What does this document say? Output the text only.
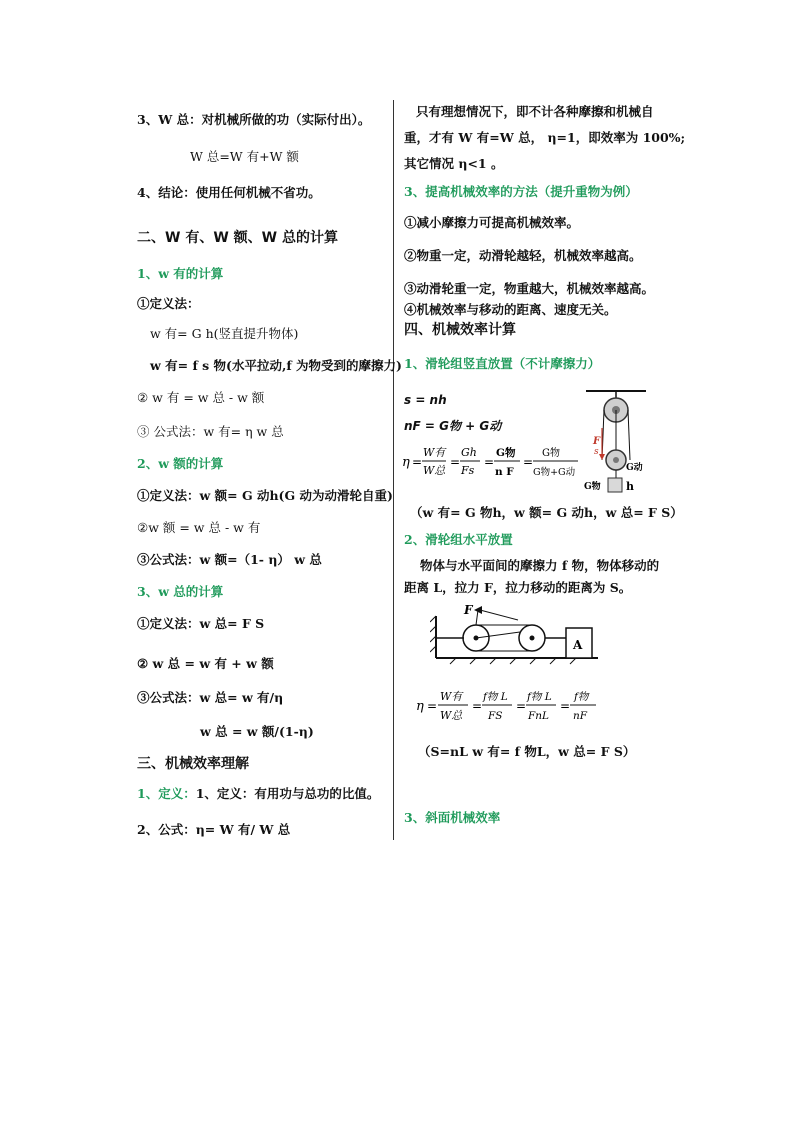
3、W 总：对机械所做的功（实际付出）。
W 总=W 有+W 额
4、结论：使用任何机械不省功。
二、W 有、W 额、W 总的计算
1、w 有的计算
①定义法：
w 有= G h(竖直提升物体)
w 有= f s 物(水平拉动,f 为物受到的摩擦力)
② w 有 = w 总 - w 额
③ 公式法：w 有= η w 总
2、w 额的计算
①定义法：w 额= G 动h(G 动为动滑轮自重)
②w 额 = w 总 - w 有
③公式法：w 额=（1- η） w 总
3、w 总的计算
①定义法：w 总= F S
② w 总 = w 有 + w 额
③公式法：w 总= w 有/η
w 总 = w 额/(1-η)
三、机械效率理解
1、定义：1、定义：有用功与总功的比值。
2、公式：η= W 有/ W 总
只有理想情况下，即不计各种摩擦和机械自
重，才有 W 有=W 总， η=1，即效率为 100%;
其它情况 η<1 。
3、提高机械效率的方法（提升重物为例）
①减小摩擦力可提高机械效率。
②物重一定，动滑轮越轻，机械效率越高。
③动滑轮重一定，物重越大，机械效率越高。
④机械效率与移动的距离、速度无关。
四、机械效率计算
1、滑轮组竖直放置（不计摩擦力）
s = nh
nF = G物 + G动
η =
W有
W总
=
Gh
Fs
=
G物
n F
=
G物
G物+G动
F
s
G动
G物 h
（w 有= G 物h，w 额= G 动h，w 总= F S）
2、滑轮组水平放置
物体与水平面间的摩擦力 f 物，物体移动的
距离 L，拉力 F，拉力移动的距离为 S。
F
A
η =
W有
W总
=
f物 L
FS
=
f物 L
FnL
=
f物
nF
（S=nL w 有= f 物L，w 总= F S）
3、斜面机械效率
